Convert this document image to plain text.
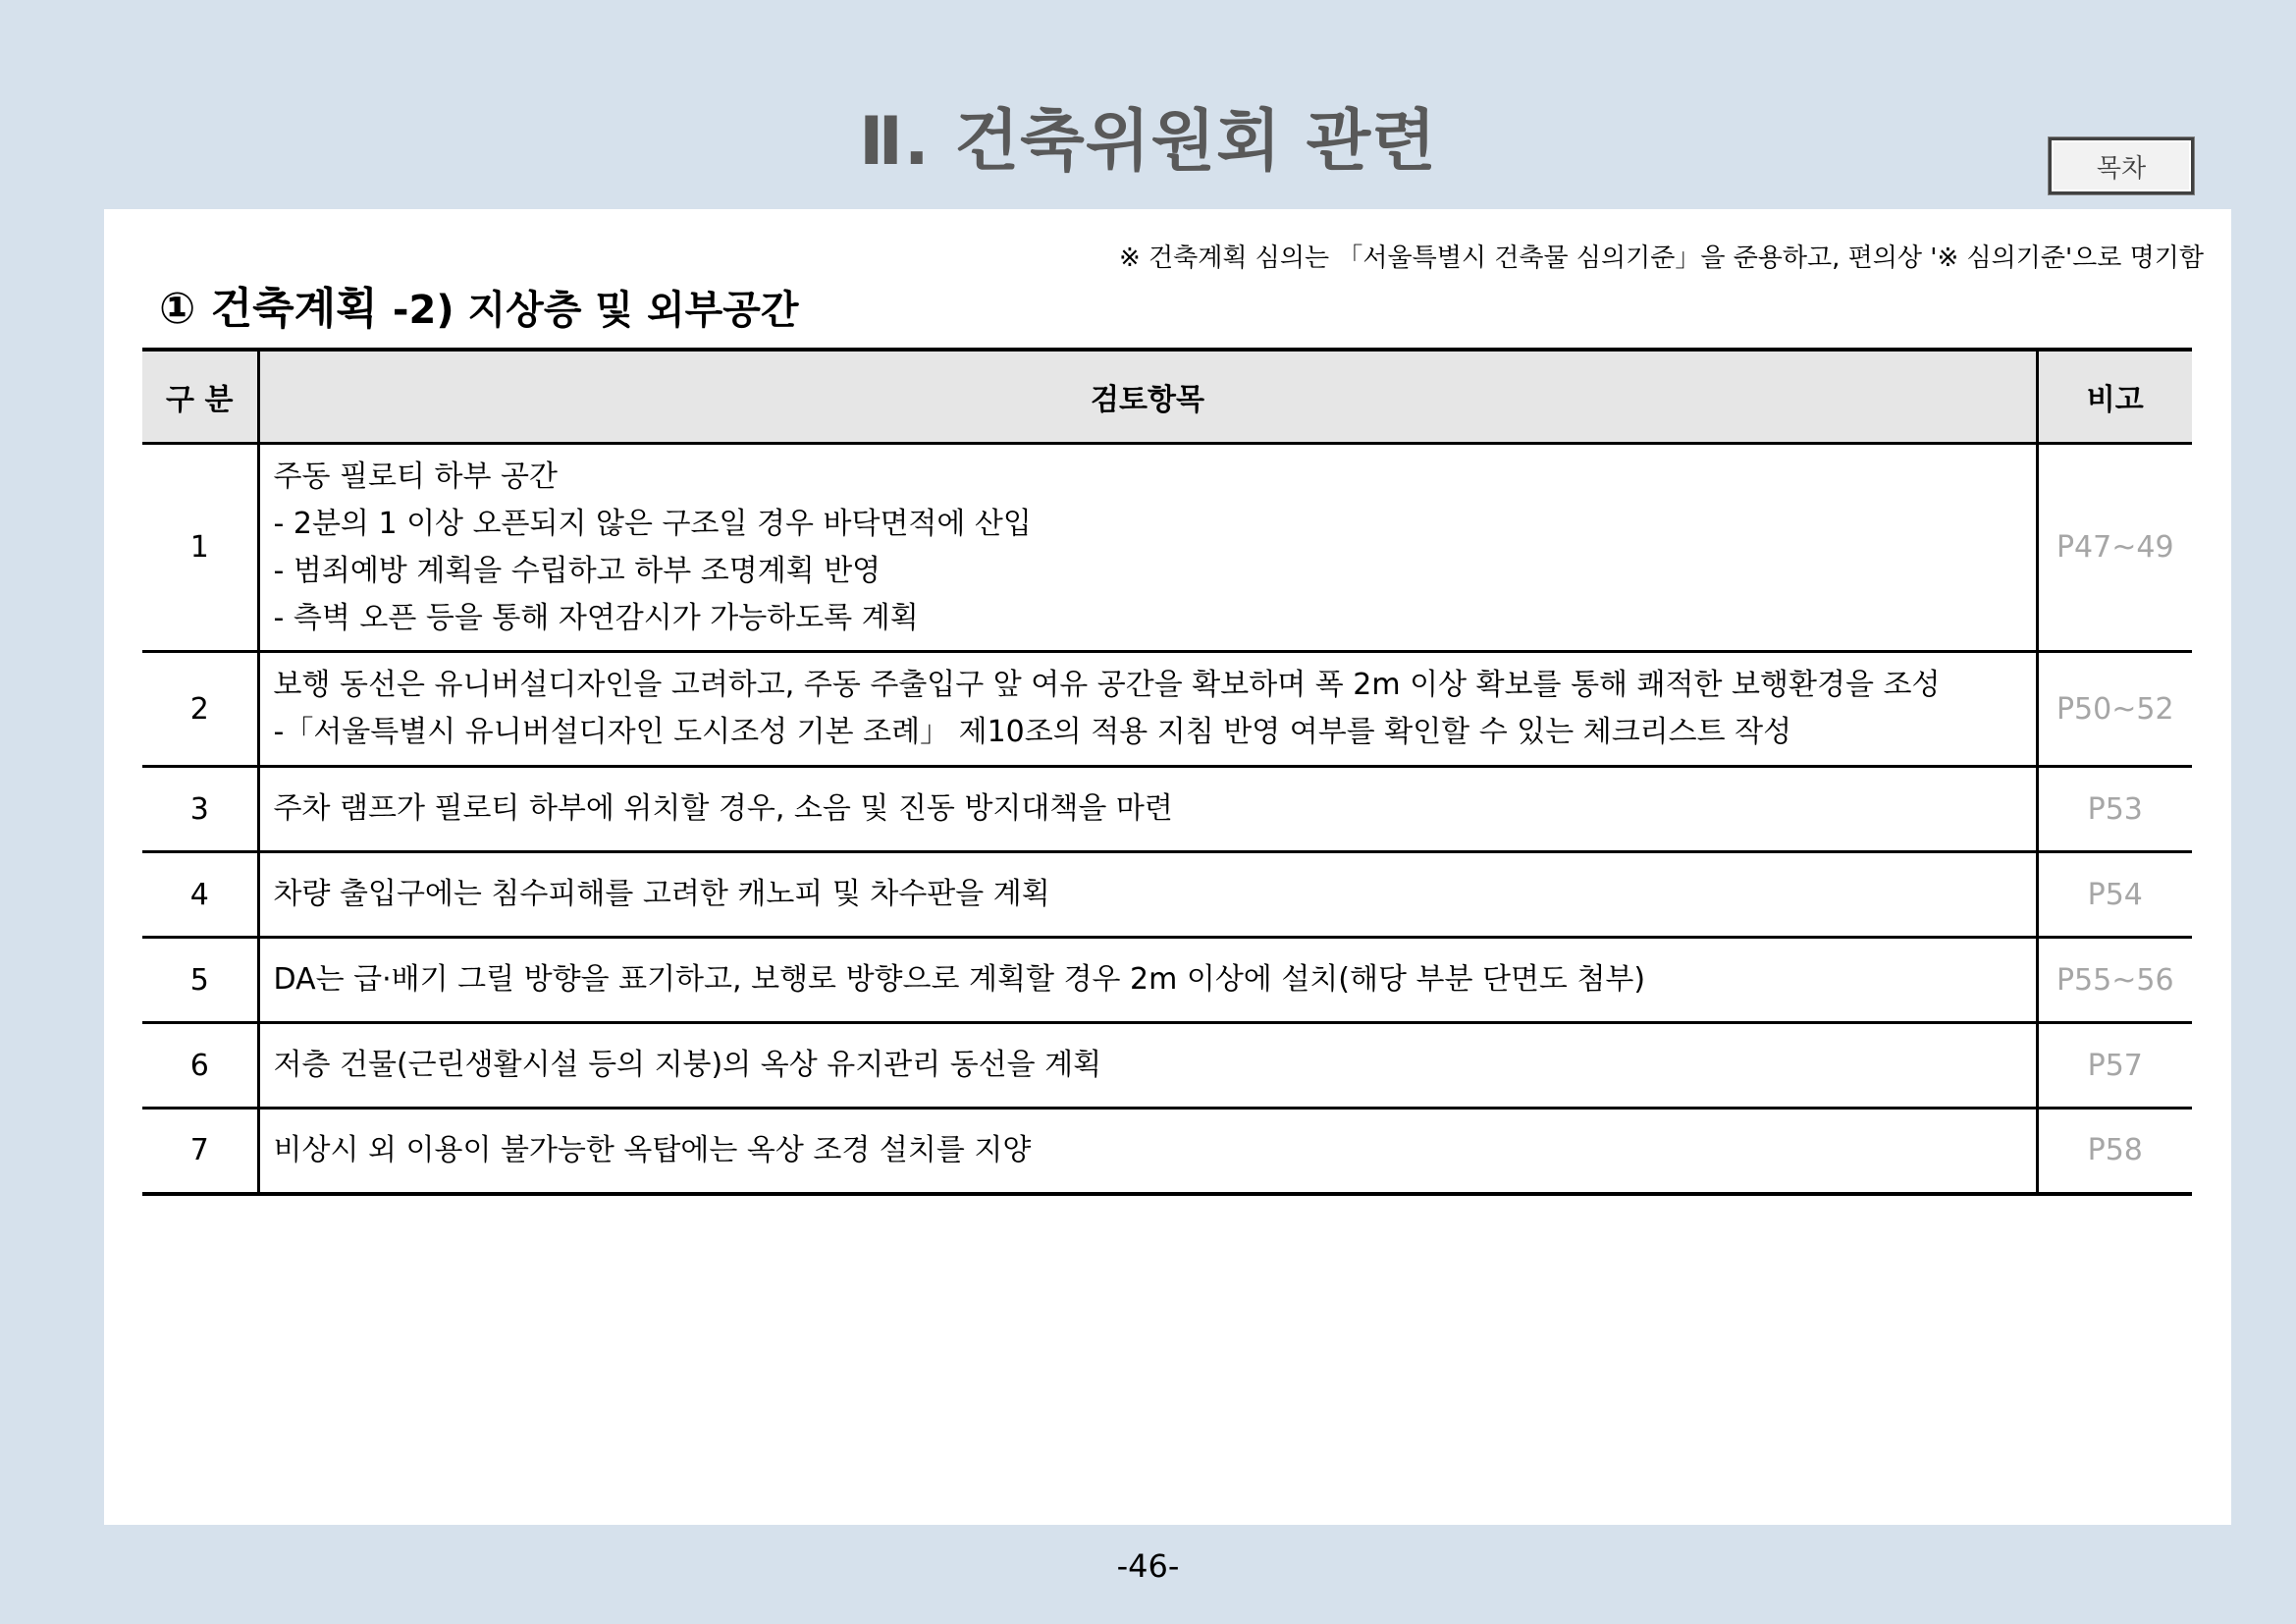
Ⅱ. 건축위원회 관련	목차
※ 건축계획 심의는 「서울특별시 건축물 심의기준」을 준용하고, 편의상 '※ 심의기준'으로 명기함
① 건축계획 -2) 지상층 및 외부공간
구 분	검토항목	비고
1	주동 필로티 하부 공간
- 2분의 1 이상 오픈되지 않은 구조일 경우 바닥면적에 산입
- 범죄예방 계획을 수립하고 하부 조명계획 반영
- 측벽 오픈 등을 통해 자연감시가 가능하도록 계획	P47~49
2	보행 동선은 유니버설디자인을 고려하고, 주동 주출입구 앞 여유 공간을 확보하며 폭 2m 이상 확보를 통해 쾌적한 보행환경을 조성
-「서울특별시 유니버설디자인 도시조성 기본 조례」 제10조의 적용 지침 반영 여부를 확인할 수 있는 체크리스트 작성	P50~52
3	주차 램프가 필로티 하부에 위치할 경우, 소음 및 진동 방지대책을 마련	P53
4	차량 출입구에는 침수피해를 고려한 캐노피 및 차수판을 계획	P54
5	DA는 급·배기 그릴 방향을 표기하고, 보행로 방향으로 계획할 경우 2m 이상에 설치(해당 부분 단면도 첨부)	P55~56
6	저층 건물(근린생활시설 등의 지붕)의 옥상 유지관리 동선을 계획	P57
7	비상시 외 이용이 불가능한 옥탑에는 옥상 조경 설치를 지양	P58
-46-
